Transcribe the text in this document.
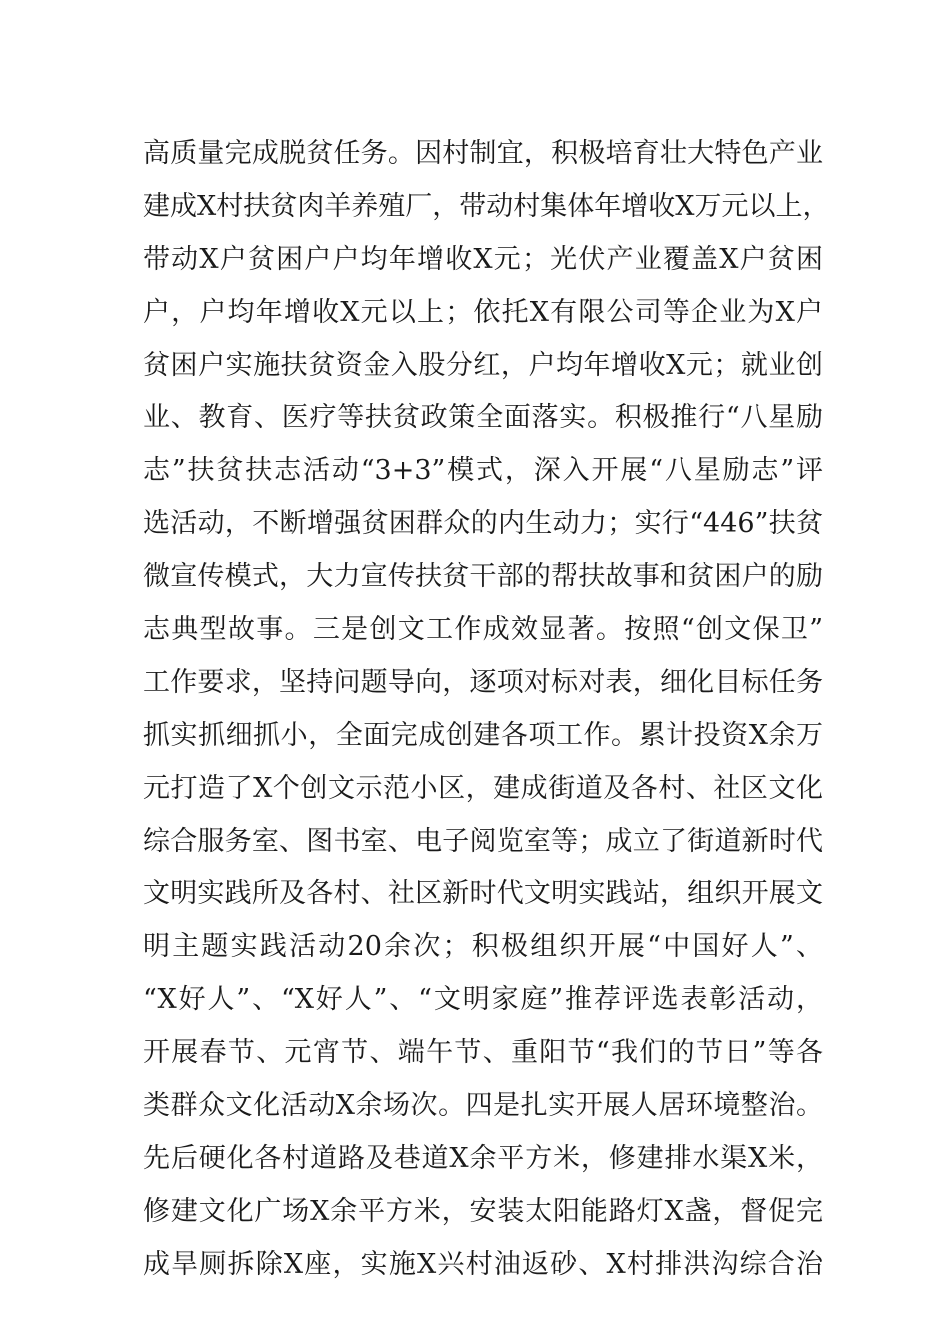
高质量完成脱贫任务。因村制宜，积极培育壮大特色产业
建成X村扶贫肉羊养殖厂，带动村集体年增收X万元以上，
带动X户贫困户户均年增收X元；光伏产业覆盖X户贫困
户，户均年增收X元以上；依托X有限公司等企业为X户
贫困户实施扶贫资金入股分红，户均年增收X元；就业创
业、教育、医疗等扶贫政策全面落实。积极推行“八星励
志”扶贫扶志活动“3+3”模式，深入开展“八星励志”评
选活动，不断增强贫困群众的内生动力；实行“446”扶贫
微宣传模式，大力宣传扶贫干部的帮扶故事和贫困户的励
志典型故事。三是创文工作成效显著。按照“创文保卫”
工作要求，坚持问题导向，逐项对标对表，细化目标任务
抓实抓细抓小，全面完成创建各项工作。累计投资X余万
元打造了X个创文示范小区，建成街道及各村、社区文化
综合服务室、图书室、电子阅览室等；成立了街道新时代
文明实践所及各村、社区新时代文明实践站，组织开展文
明主题实践活动20余次；积极组织开展“中国好人”、
“X好人”、“X好人”、“文明家庭”推荐评选表彰活动，
开展春节、元宵节、端午节、重阳节“我们的节日”等各
类群众文化活动X余场次。四是扎实开展人居环境整治。
先后硬化各村道路及巷道X余平方米，修建排水渠X米，
修建文化广场X余平方米，安装太阳能路灯X盏，督促完
成旱厕拆除X座，实施X兴村油返砂、X村排洪沟综合治
